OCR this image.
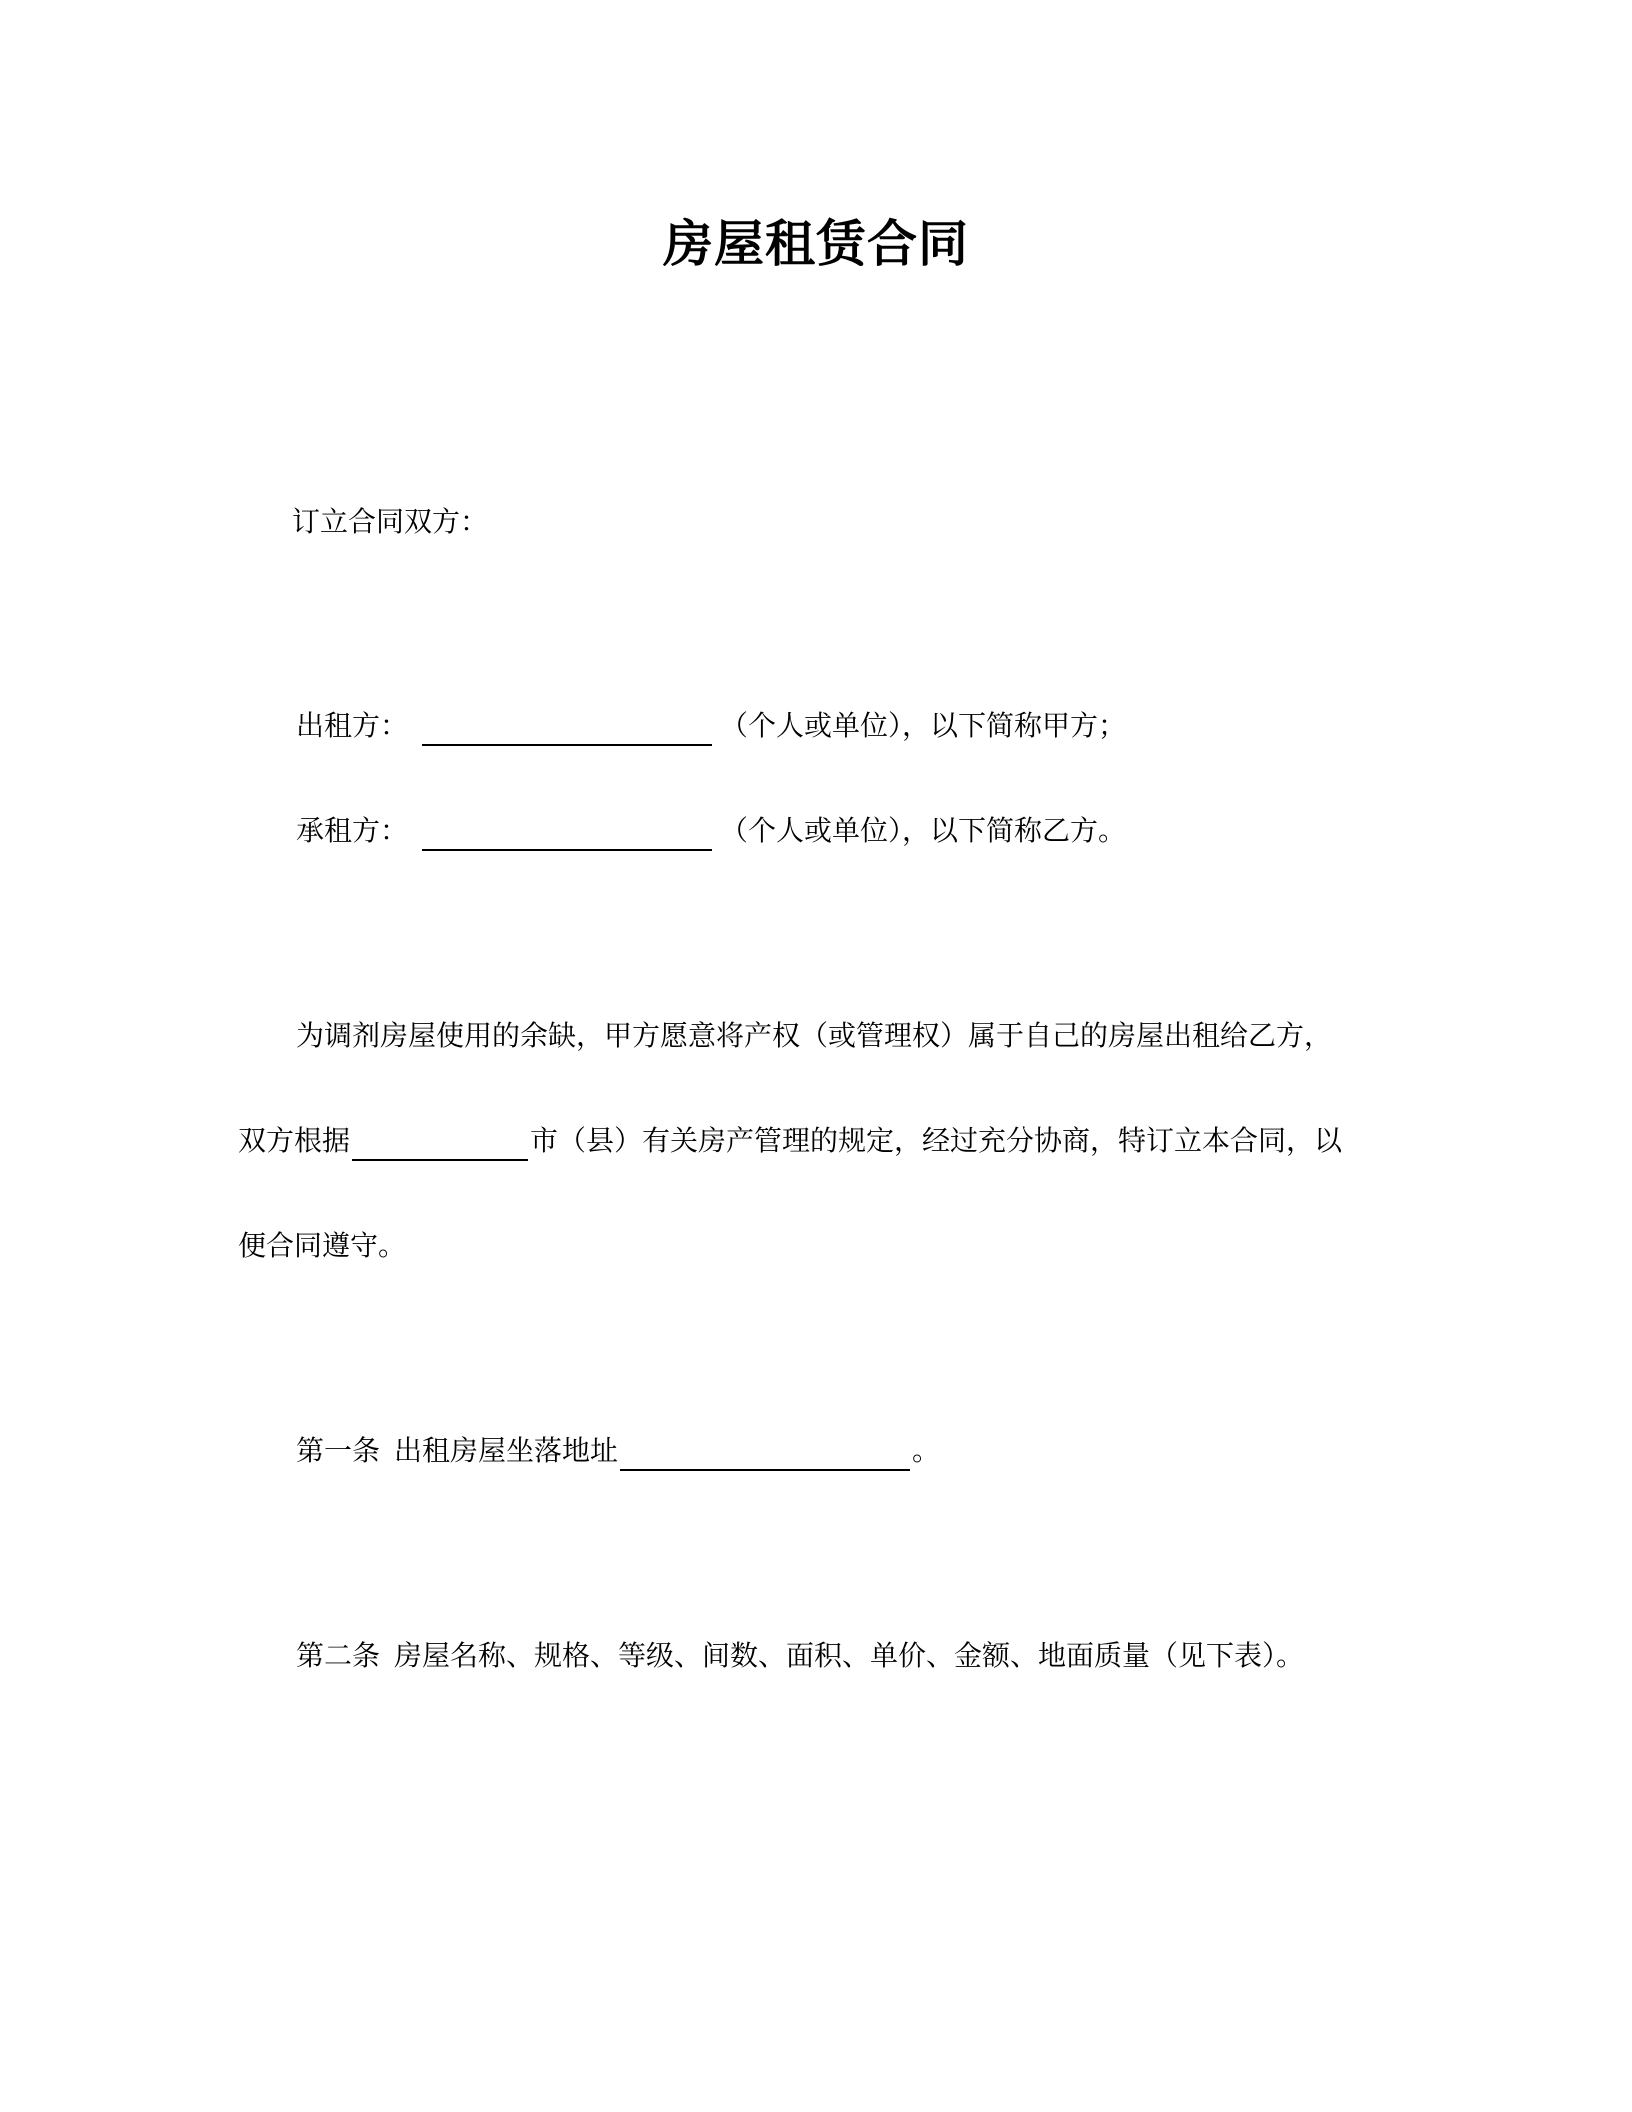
房屋租赁合同
订立合同双方：
出租方：	（个人或单位），以下简称甲方；
承租方：	（个人或单位），以下简称乙方。
为调剂房屋使用的余缺，甲方愿意将产权（或管理权）属于自己的房屋出租给乙方，
双方根据	市（县）有关房产管理的规定，经过充分协商，特订立本合同，以
便合同遵守。
第一条 出租房屋坐落地址	。
第二条 房屋名称、规格、等级、间数、面积、单价、金额、地面质量（见下表）。
